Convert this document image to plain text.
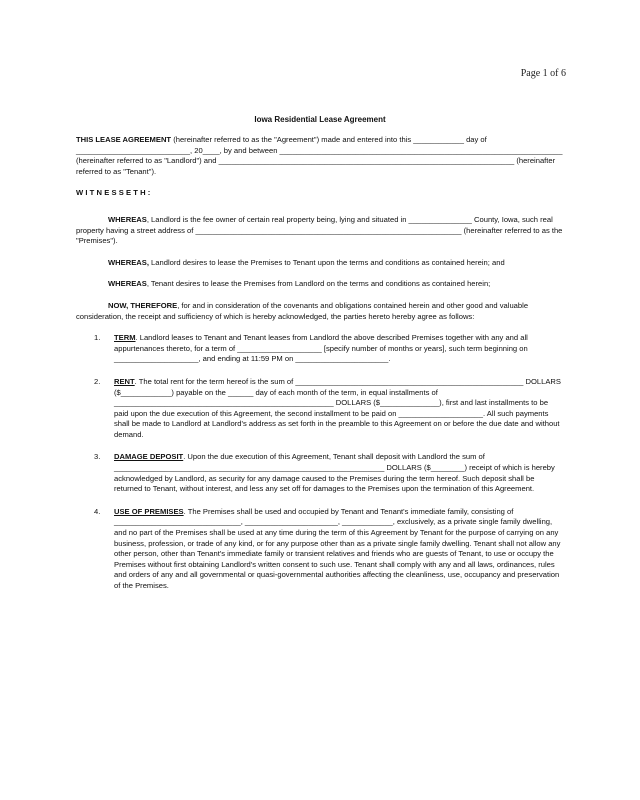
Page 1 of 6
Iowa Residential Lease Agreement

THIS LEASE AGREEMENT (hereinafter referred to as the "Agreement") made and entered into this ____________ day of ___________________________, 20____, by and between ___________________________________________________________________ (hereinafter referred to as "Landlord") and ______________________________________________________________________ (hereinafter referred to as "Tenant").

WITNESSETH:

WHEREAS, Landlord is the fee owner of certain real property being, lying and situated in _______________ County, Iowa, such real property having a street address of _______________________________________________________________ (hereinafter referred to as the "Premises").

WHEREAS, Landlord desires to lease the Premises to Tenant upon the terms and conditions as contained herein; and

WHEREAS, Tenant desires to lease the Premises from Landlord on the terms and conditions as contained herein;

NOW, THEREFORE, for and in consideration of the covenants and obligations contained herein and other good and valuable consideration, the receipt and sufficiency of which is hereby acknowledged, the parties hereto hereby agree as follows:

1. TERM. Landlord leases to Tenant and Tenant leases from Landlord the above described Premises together with any and all appurtenances thereto, for a term of ____________________ [specify number of months or years], such term beginning on ____________________, and ending at 11:59 PM on ______________________.
2. RENT. The total rent for the term hereof is the sum of ______________________________________________________ DOLLARS ($____________) payable on the ______ day of each month of the term, in equal installments of ____________________________________________________ DOLLARS ($______________), first and last installments to be paid upon the due execution of this Agreement, the second installment to be paid on ____________________. All such payments shall be made to Landlord at Landlord's address as set forth in the preamble to this Agreement on or before the due date and without demand.
3. DAMAGE DEPOSIT. Upon the due execution of this Agreement, Tenant shall deposit with Landlord the sum of ________________________________________________________________ DOLLARS ($________) receipt of which is hereby acknowledged by Landlord, as security for any damage caused to the Premises during the term hereof. Such deposit shall be returned to Tenant, without interest, and less any set off for damages to the Premises upon the termination of this Agreement.
4. USE OF PREMISES. The Premises shall be used and occupied by Tenant and Tenant's immediate family, consisting of ______________________________, ______________________, ____________, exclusively, as a private single family dwelling, and no part of the Premises shall be used at any time during the term of this Agreement by Tenant for the purpose of carrying on any business, profession, or trade of any kind, or for any purpose other than as a private single family dwelling. Tenant shall not allow any other person, other than Tenant's immediate family or transient relatives and friends who are guests of Tenant, to use or occupy the Premises without first obtaining Landlord's written consent to such use. Tenant shall comply with any and all laws, ordinances, rules and orders of any and all governmental or quasi-governmental authorities affecting the cleanliness, use, occupancy and preservation of the Premises.
